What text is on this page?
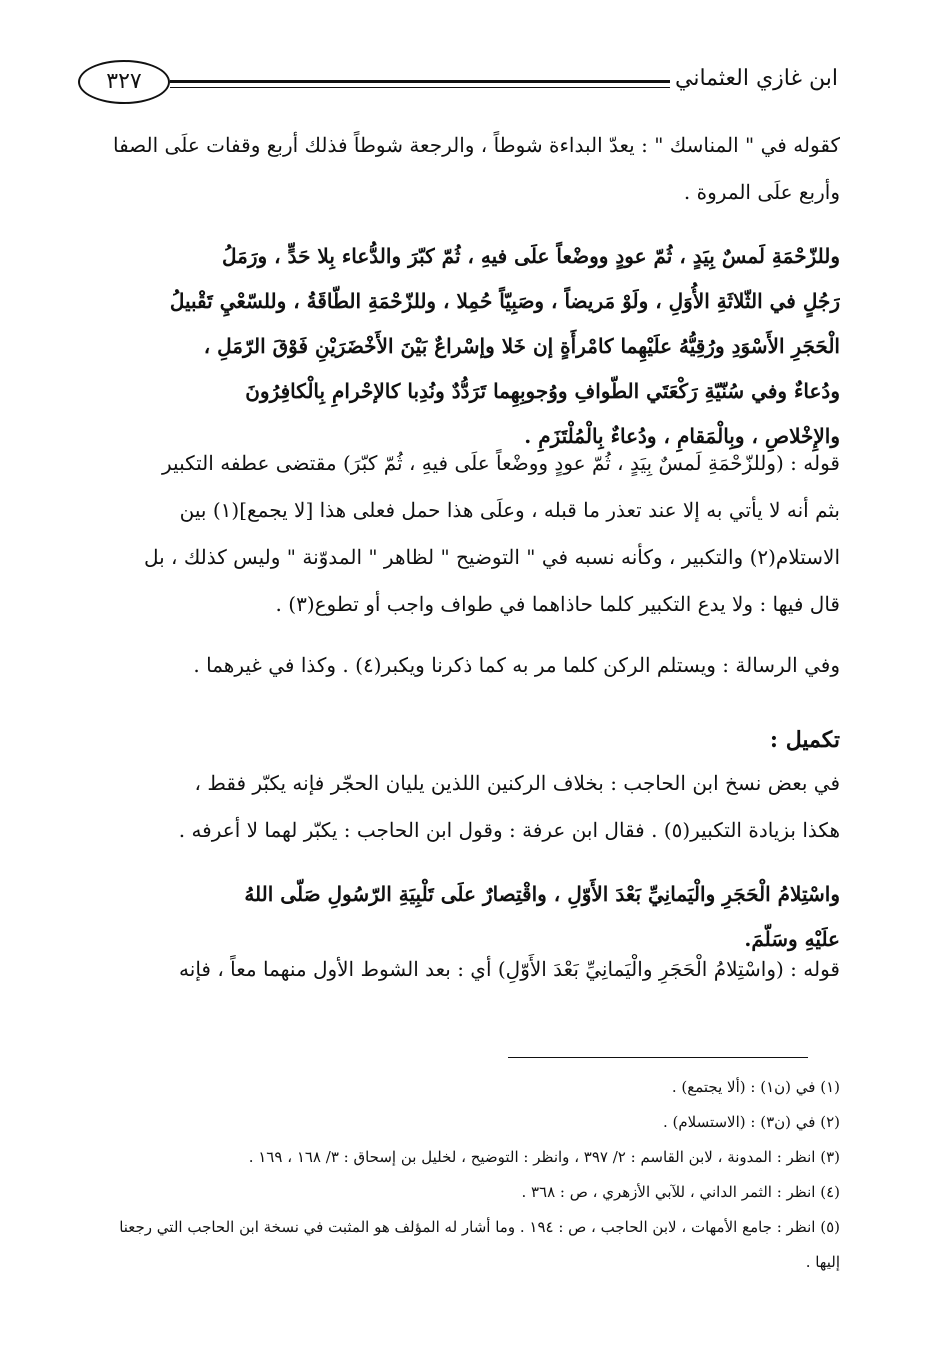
ابن غازي العثماني
٣٢٧
كقوله في " المناسك " : يعدّ البداءة شوطاً ، والرجعة شوطاً فذلك أربع وقفات علَى الصفا
وأربع علَى المروة .
وللزّحْمَةِ لَمسٌ بِيَدٍ ، ثُمّ عودٍ ووضْعاً علَى فيهِ ، ثُمّ كبّرَ والدُّعاء بِلا حَدٍّ ، ورَمَلُ
رَجُلٍ في الثّلاثَةِ الأُوَلِ ، ولَوْ مَريضاً ، وصَبِيّاً حُمِلا ، وللزّحْمَةِ الطّاقَةُ ، وللسّعْيِ تَقْبيلُ
الْحَجَرِ الأَسْوَدِ ورُقِيُّهُ علَيْهِما كامْرأَةٍ إن خَلا وإسْراعٌ بَيْنَ الأَخْضَرَيْنِ فَوْقَ الرّمَلِ ،
ودُعاءٌ وفي سُنّيّةِ رَكْعَتَي الطّوافِ ووُجوبِهِما تَرَدُّدٌ ونُدِبا كالإحْرامِ بِالْكافِرُونَ
والإِخْلاصِ ، وبِالْمَقامِ ، ودُعاءٌ بِالْمُلْتَزَمِ .
قوله : (وللزّحْمَةِ لَمسٌ بِيَدٍ ، ثُمّ عودٍ ووضْعاً علَى فيهِ ، ثُمّ كبّرَ) مقتضى عطفه التكبير
بثم أنه لا يأتي به إلا عند تعذر ما قبله ، وعلَى هذا حمل فعلى هذا [لا يجمع](١) بين
الاستلام(٢) والتكبير ، وكأنه نسبه في " التوضيح " لظاهر " المدوّنة " وليس كذلك ، بل
قال فيها : ولا يدع التكبير كلما حاذاهما في طواف واجب أو تطوع(٣) .
وفي الرسالة : ويستلم الركن كلما مر به كما ذكرنا ويكبر(٤) . وكذا في غيرهما .
تكميل :
في بعض نسخ ابن الحاجب : بخلاف الركنين اللذين يليان الحجّر فإنه يكبّر فقط ،
هكذا بزيادة التكبير(٥) . فقال ابن عرفة : وقول ابن الحاجب : يكبّر لهما لا أعرفه .
واسْتِلامُ الْحَجَرِ والْيَمانِيِّ بَعْدَ الأَوّلِ ، واقْتِصارٌ علَى تَلْبِيَةِ الرّسُولِ صَلّى اللهُ
علَيْهِ وسَلّمَ.
قوله : (واسْتِلامُ الْحَجَرِ والْيَمانِيِّ بَعْدَ الأَوّلِ) أي : بعد الشوط الأول منهما معاً ، فإنه
(١) في (ن١) : (ألا يجتمع) .
(٢) في (ن٣) : (الاستسلام) .
(٣) انظر : المدونة ، لابن القاسم : ٢/ ٣٩٧ ، وانظر : التوضيح ، لخليل بن إسحاق : ٣/ ١٦٨ ، ١٦٩ .
(٤) انظر : الثمر الداني ، للآبي الأزهري ، ص : ٣٦٨ .
(٥) انظر : جامع الأمهات ، لابن الحاجب ، ص : ١٩٤ . وما أشار له المؤلف هو المثبت في نسخة ابن الحاجب التي رجعنا
إليها .
